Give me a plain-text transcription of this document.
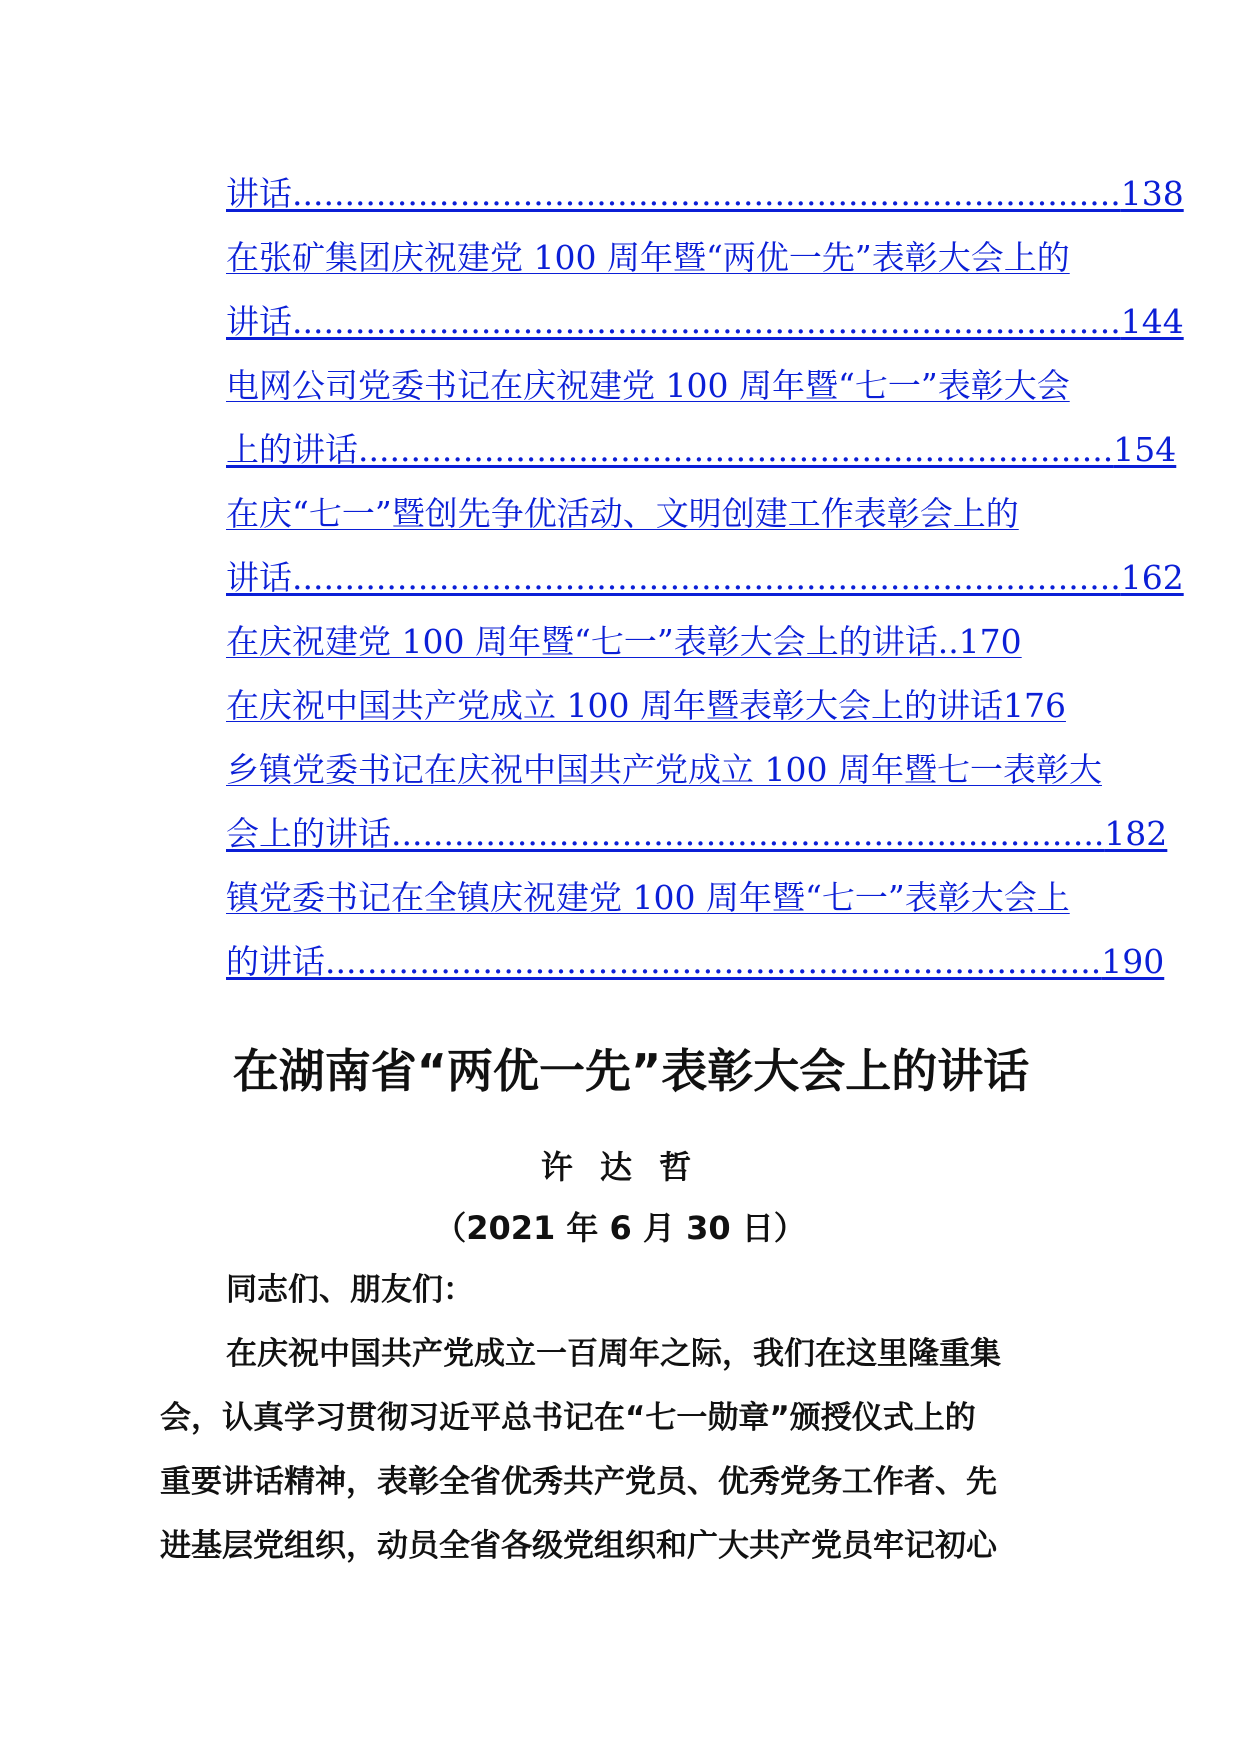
讲话 ............................................................................... 138
在张矿集团庆祝建党 100 周年暨“两优一先”表彰大会上的
讲话 ............................................................................... 144
电网公司党委书记在庆祝建党 100 周年暨“七一”表彰大会
上的讲话 ........................................................................ 154
在庆“七一”暨创先争优活动、文明创建工作表彰会上的
讲话 ............................................................................... 162
在庆祝建党 100 周年暨“七一”表彰大会上的讲话..170
在庆祝中国共产党成立 100 周年暨表彰大会上的讲话176
乡镇党委书记在庆祝中国共产党成立 100 周年暨七一表彰大
会上的讲话 .................................................................... 182
镇党委书记在全镇庆祝建党 100 周年暨“七一”表彰大会上
的讲话 .......................................................................... 190
在湖南省“两优一先”表彰大会上的讲话
许 达 哲
（2021 年 6 月 30 日）
同志们、朋友们：
在庆祝中国共产党成立一百周年之际，我们在这里隆重集
会，认真学习贯彻习近平总书记在“七一勋章”颁授仪式上的
重要讲话精神，表彰全省优秀共产党员、优秀党务工作者、先
进基层党组织，动员全省各级党组织和广大共产党员牢记初心
